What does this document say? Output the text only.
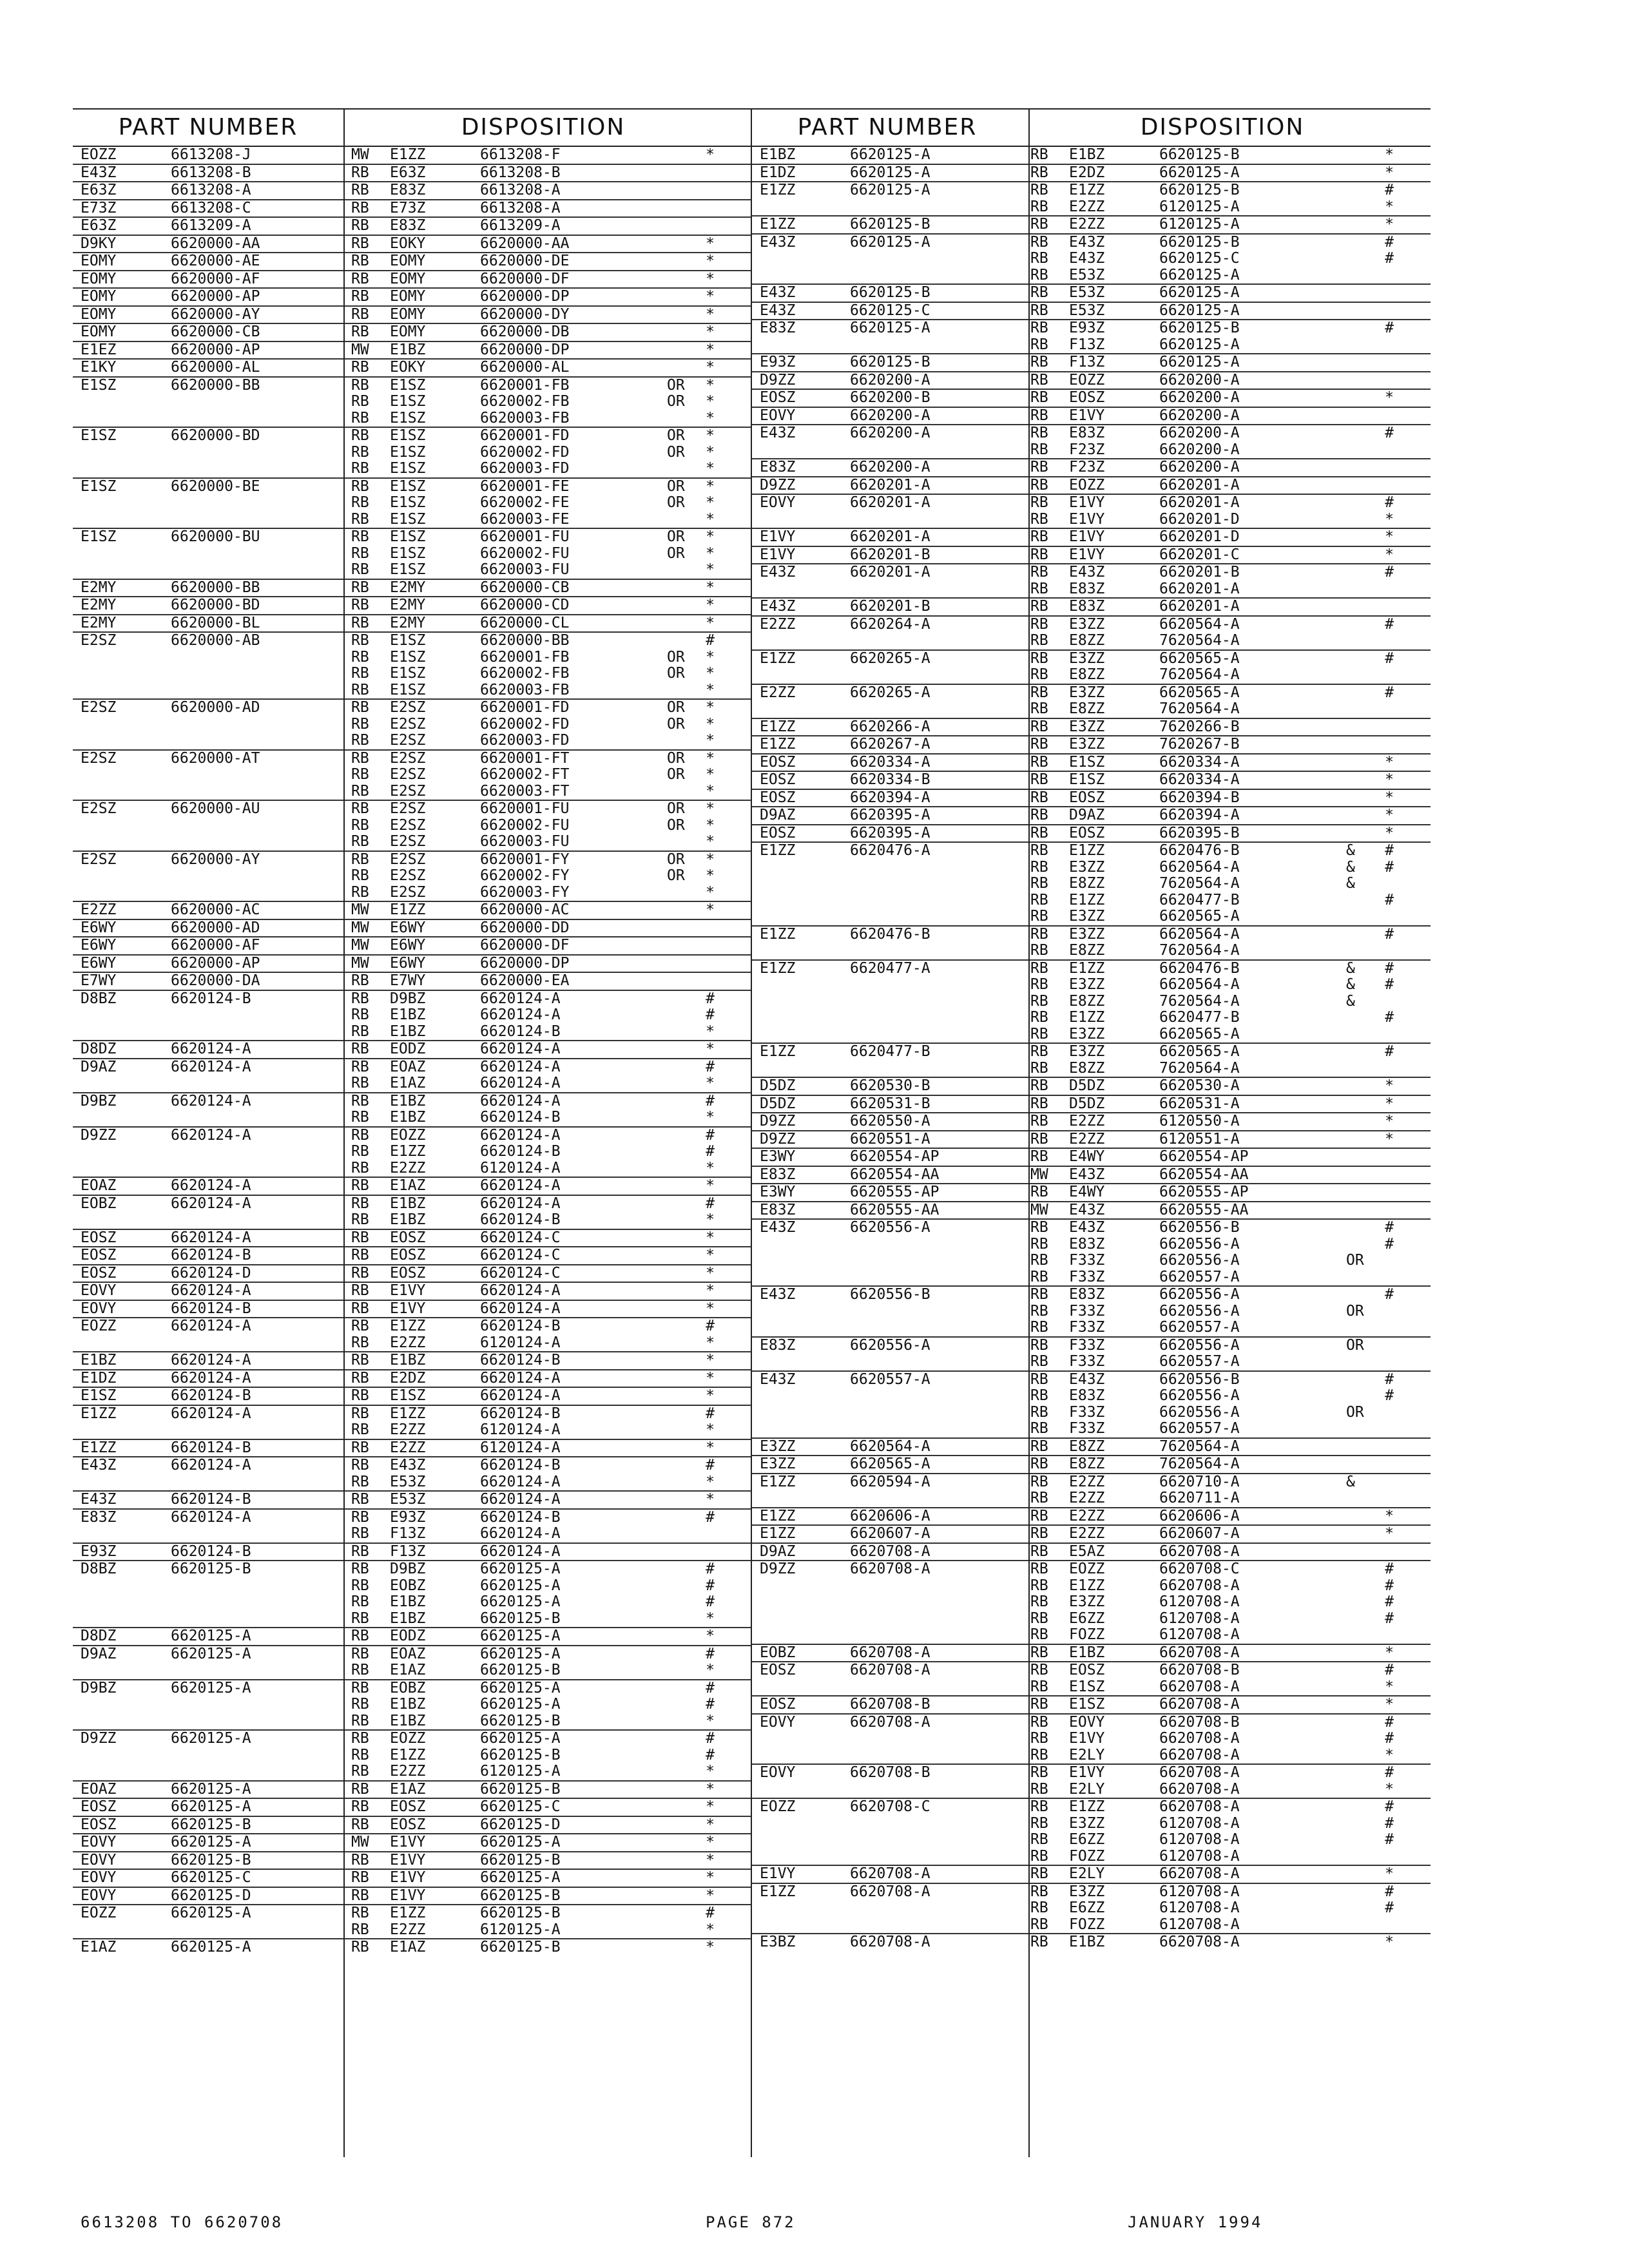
PART NUMBER	DISPOSITION
EOZZ	6613208-J	MW	E1ZZ	6613208-F	*
E43Z	6613208-B	RB	E63Z	6613208-B
E63Z	6613208-A	RB	E83Z	6613208-A
E73Z	6613208-C	RB	E73Z	6613208-A
E63Z	6613209-A	RB	E83Z	6613209-A
D9KY	6620000-AA	RB	EOKY	6620000-AA	*
EOMY	6620000-AE	RB	EOMY	6620000-DE	*
EOMY	6620000-AF	RB	EOMY	6620000-DF	*
EOMY	6620000-AP	RB	EOMY	6620000-DP	*
EOMY	6620000-AY	RB	EOMY	6620000-DY	*
EOMY	6620000-CB	RB	EOMY	6620000-DB	*
E1EZ	6620000-AP	MW	E1BZ	6620000-DP	*
E1KY	6620000-AL	RB	EOKY	6620000-AL	*
E1SZ	6620000-BB	RB	E1SZ	6620001-FB	OR	*
RB	E1SZ	6620002-FB	OR	*
RB	E1SZ	6620003-FB	*
E1SZ	6620000-BD	RB	E1SZ	6620001-FD	OR	*
RB	E1SZ	6620002-FD	OR	*
RB	E1SZ	6620003-FD	*
E1SZ	6620000-BE	RB	E1SZ	6620001-FE	OR	*
RB	E1SZ	6620002-FE	OR	*
RB	E1SZ	6620003-FE	*
E1SZ	6620000-BU	RB	E1SZ	6620001-FU	OR	*
RB	E1SZ	6620002-FU	OR	*
RB	E1SZ	6620003-FU	*
E2MY	6620000-BB	RB	E2MY	6620000-CB	*
E2MY	6620000-BD	RB	E2MY	6620000-CD	*
E2MY	6620000-BL	RB	E2MY	6620000-CL	*
E2SZ	6620000-AB	RB	E1SZ	6620000-BB	#
RB	E1SZ	6620001-FB	OR	*
RB	E1SZ	6620002-FB	OR	*
RB	E1SZ	6620003-FB	*
E2SZ	6620000-AD	RB	E2SZ	6620001-FD	OR	*
RB	E2SZ	6620002-FD	OR	*
RB	E2SZ	6620003-FD	*
E2SZ	6620000-AT	RB	E2SZ	6620001-FT	OR	*
RB	E2SZ	6620002-FT	OR	*
RB	E2SZ	6620003-FT	*
E2SZ	6620000-AU	RB	E2SZ	6620001-FU	OR	*
RB	E2SZ	6620002-FU	OR	*
RB	E2SZ	6620003-FU	*
E2SZ	6620000-AY	RB	E2SZ	6620001-FY	OR	*
RB	E2SZ	6620002-FY	OR	*
RB	E2SZ	6620003-FY	*
E2ZZ	6620000-AC	MW	E1ZZ	6620000-AC	*
E6WY	6620000-AD	MW	E6WY	6620000-DD
E6WY	6620000-AF	MW	E6WY	6620000-DF
E6WY	6620000-AP	MW	E6WY	6620000-DP
E7WY	6620000-DA	RB	E7WY	6620000-EA
D8BZ	6620124-B	RB	D9BZ	6620124-A	#
RB	E1BZ	6620124-A	#
RB	E1BZ	6620124-B	*
D8DZ	6620124-A	RB	EODZ	6620124-A	*
D9AZ	6620124-A	RB	EOAZ	6620124-A	#
RB	E1AZ	6620124-A	*
D9BZ	6620124-A	RB	E1BZ	6620124-A	#
RB	E1BZ	6620124-B	*
D9ZZ	6620124-A	RB	EOZZ	6620124-A	#
RB	E1ZZ	6620124-B	#
RB	E2ZZ	6120124-A	*
EOAZ	6620124-A	RB	E1AZ	6620124-A	*
EOBZ	6620124-A	RB	E1BZ	6620124-A	#
RB	E1BZ	6620124-B	*
EOSZ	6620124-A	RB	EOSZ	6620124-C	*
EOSZ	6620124-B	RB	EOSZ	6620124-C	*
EOSZ	6620124-D	RB	EOSZ	6620124-C	*
EOVY	6620124-A	RB	E1VY	6620124-A	*
EOVY	6620124-B	RB	E1VY	6620124-A	*
EOZZ	6620124-A	RB	E1ZZ	6620124-B	#
RB	E2ZZ	6120124-A	*
E1BZ	6620124-A	RB	E1BZ	6620124-B	*
E1DZ	6620124-A	RB	E2DZ	6620124-A	*
E1SZ	6620124-B	RB	E1SZ	6620124-A	*
E1ZZ	6620124-A	RB	E1ZZ	6620124-B	#
RB	E2ZZ	6120124-A	*
E1ZZ	6620124-B	RB	E2ZZ	6120124-A	*
E43Z	6620124-A	RB	E43Z	6620124-B	#
RB	E53Z	6620124-A	*
E43Z	6620124-B	RB	E53Z	6620124-A	*
E83Z	6620124-A	RB	E93Z	6620124-B	#
RB	F13Z	6620124-A
E93Z	6620124-B	RB	F13Z	6620124-A
D8BZ	6620125-B	RB	D9BZ	6620125-A	#
RB	EOBZ	6620125-A	#
RB	E1BZ	6620125-A	#
RB	E1BZ	6620125-B	*
D8DZ	6620125-A	RB	EODZ	6620125-A	*
D9AZ	6620125-A	RB	EOAZ	6620125-A	#
RB	E1AZ	6620125-B	*
D9BZ	6620125-A	RB	EOBZ	6620125-A	#
RB	E1BZ	6620125-A	#
RB	E1BZ	6620125-B	*
D9ZZ	6620125-A	RB	EOZZ	6620125-A	#
RB	E1ZZ	6620125-B	#
RB	E2ZZ	6120125-A	*
EOAZ	6620125-A	RB	E1AZ	6620125-B	*
EOSZ	6620125-A	RB	EOSZ	6620125-C	*
EOSZ	6620125-B	RB	EOSZ	6620125-D	*
EOVY	6620125-A	MW	E1VY	6620125-A	*
EOVY	6620125-B	RB	E1VY	6620125-B	*
EOVY	6620125-C	RB	E1VY	6620125-A	*
EOVY	6620125-D	RB	E1VY	6620125-B	*
EOZZ	6620125-A	RB	E1ZZ	6620125-B	#
RB	E2ZZ	6120125-A	*
E1AZ	6620125-A	RB	E1AZ	6620125-B	*
PART NUMBER	DISPOSITION
E1BZ	6620125-A	RB	E1BZ	6620125-B	*
E1DZ	6620125-A	RB	E2DZ	6620125-A	*
E1ZZ	6620125-A	RB	E1ZZ	6620125-B	#
RB	E2ZZ	6120125-A	*
E1ZZ	6620125-B	RB	E2ZZ	6120125-A	*
E43Z	6620125-A	RB	E43Z	6620125-B	#
RB	E43Z	6620125-C	#
RB	E53Z	6620125-A
E43Z	6620125-B	RB	E53Z	6620125-A
E43Z	6620125-C	RB	E53Z	6620125-A
E83Z	6620125-A	RB	E93Z	6620125-B	#
RB	F13Z	6620125-A
E93Z	6620125-B	RB	F13Z	6620125-A
D9ZZ	6620200-A	RB	EOZZ	6620200-A
EOSZ	6620200-B	RB	EOSZ	6620200-A	*
EOVY	6620200-A	RB	E1VY	6620200-A
E43Z	6620200-A	RB	E83Z	6620200-A	#
RB	F23Z	6620200-A
E83Z	6620200-A	RB	F23Z	6620200-A
D9ZZ	6620201-A	RB	EOZZ	6620201-A
EOVY	6620201-A	RB	E1VY	6620201-A	#
RB	E1VY	6620201-D	*
E1VY	6620201-A	RB	E1VY	6620201-D	*
E1VY	6620201-B	RB	E1VY	6620201-C	*
E43Z	6620201-A	RB	E43Z	6620201-B	#
RB	E83Z	6620201-A
E43Z	6620201-B	RB	E83Z	6620201-A
E2ZZ	6620264-A	RB	E3ZZ	6620564-A	#
RB	E8ZZ	7620564-A
E1ZZ	6620265-A	RB	E3ZZ	6620565-A	#
RB	E8ZZ	7620564-A
E2ZZ	6620265-A	RB	E3ZZ	6620565-A	#
RB	E8ZZ	7620564-A
E1ZZ	6620266-A	RB	E3ZZ	7620266-B
E1ZZ	6620267-A	RB	E3ZZ	7620267-B
EOSZ	6620334-A	RB	E1SZ	6620334-A	*
EOSZ	6620334-B	RB	E1SZ	6620334-A	*
EOSZ	6620394-A	RB	EOSZ	6620394-B	*
D9AZ	6620395-A	RB	D9AZ	6620394-A	*
EOSZ	6620395-A	RB	EOSZ	6620395-B	*
E1ZZ	6620476-A	RB	E1ZZ	6620476-B	&	#
RB	E3ZZ	6620564-A	&	#
RB	E8ZZ	7620564-A	&
RB	E1ZZ	6620477-B	#
RB	E3ZZ	6620565-A
E1ZZ	6620476-B	RB	E3ZZ	6620564-A	#
RB	E8ZZ	7620564-A
E1ZZ	6620477-A	RB	E1ZZ	6620476-B	&	#
RB	E3ZZ	6620564-A	&	#
RB	E8ZZ	7620564-A	&
RB	E1ZZ	6620477-B	#
RB	E3ZZ	6620565-A
E1ZZ	6620477-B	RB	E3ZZ	6620565-A	#
RB	E8ZZ	7620564-A
D5DZ	6620530-B	RB	D5DZ	6620530-A	*
D5DZ	6620531-B	RB	D5DZ	6620531-A	*
D9ZZ	6620550-A	RB	E2ZZ	6120550-A	*
D9ZZ	6620551-A	RB	E2ZZ	6120551-A	*
E3WY	6620554-AP	RB	E4WY	6620554-AP
E83Z	6620554-AA	MW	E43Z	6620554-AA
E3WY	6620555-AP	RB	E4WY	6620555-AP
E83Z	6620555-AA	MW	E43Z	6620555-AA
E43Z	6620556-A	RB	E43Z	6620556-B	#
RB	E83Z	6620556-A	#
RB	F33Z	6620556-A	OR
RB	F33Z	6620557-A
E43Z	6620556-B	RB	E83Z	6620556-A	#
RB	F33Z	6620556-A	OR
RB	F33Z	6620557-A
E83Z	6620556-A	RB	F33Z	6620556-A	OR
RB	F33Z	6620557-A
E43Z	6620557-A	RB	E43Z	6620556-B	#
RB	E83Z	6620556-A	#
RB	F33Z	6620556-A	OR
RB	F33Z	6620557-A
E3ZZ	6620564-A	RB	E8ZZ	7620564-A
E3ZZ	6620565-A	RB	E8ZZ	7620564-A
E1ZZ	6620594-A	RB	E2ZZ	6620710-A	&
RB	E2ZZ	6620711-A
E1ZZ	6620606-A	RB	E2ZZ	6620606-A	*
E1ZZ	6620607-A	RB	E2ZZ	6620607-A	*
D9AZ	6620708-A	RB	E5AZ	6620708-A
D9ZZ	6620708-A	RB	EOZZ	6620708-C	#
RB	E1ZZ	6620708-A	#
RB	E3ZZ	6120708-A	#
RB	E6ZZ	6120708-A	#
RB	FOZZ	6120708-A
EOBZ	6620708-A	RB	E1BZ	6620708-A	*
EOSZ	6620708-A	RB	EOSZ	6620708-B	#
RB	E1SZ	6620708-A	*
EOSZ	6620708-B	RB	E1SZ	6620708-A	*
EOVY	6620708-A	RB	EOVY	6620708-B	#
RB	E1VY	6620708-A	#
RB	E2LY	6620708-A	*
EOVY	6620708-B	RB	E1VY	6620708-A	#
RB	E2LY	6620708-A	*
EOZZ	6620708-C	RB	E1ZZ	6620708-A	#
RB	E3ZZ	6120708-A	#
RB	E6ZZ	6120708-A	#
RB	FOZZ	6120708-A
E1VY	6620708-A	RB	E2LY	6620708-A	*
E1ZZ	6620708-A	RB	E3ZZ	6120708-A	#
RB	E6ZZ	6120708-A	#
RB	FOZZ	6120708-A
E3BZ	6620708-A	RB	E1BZ	6620708-A	*
6613208 TO 6620708	PAGE 872	JANUARY 1994
